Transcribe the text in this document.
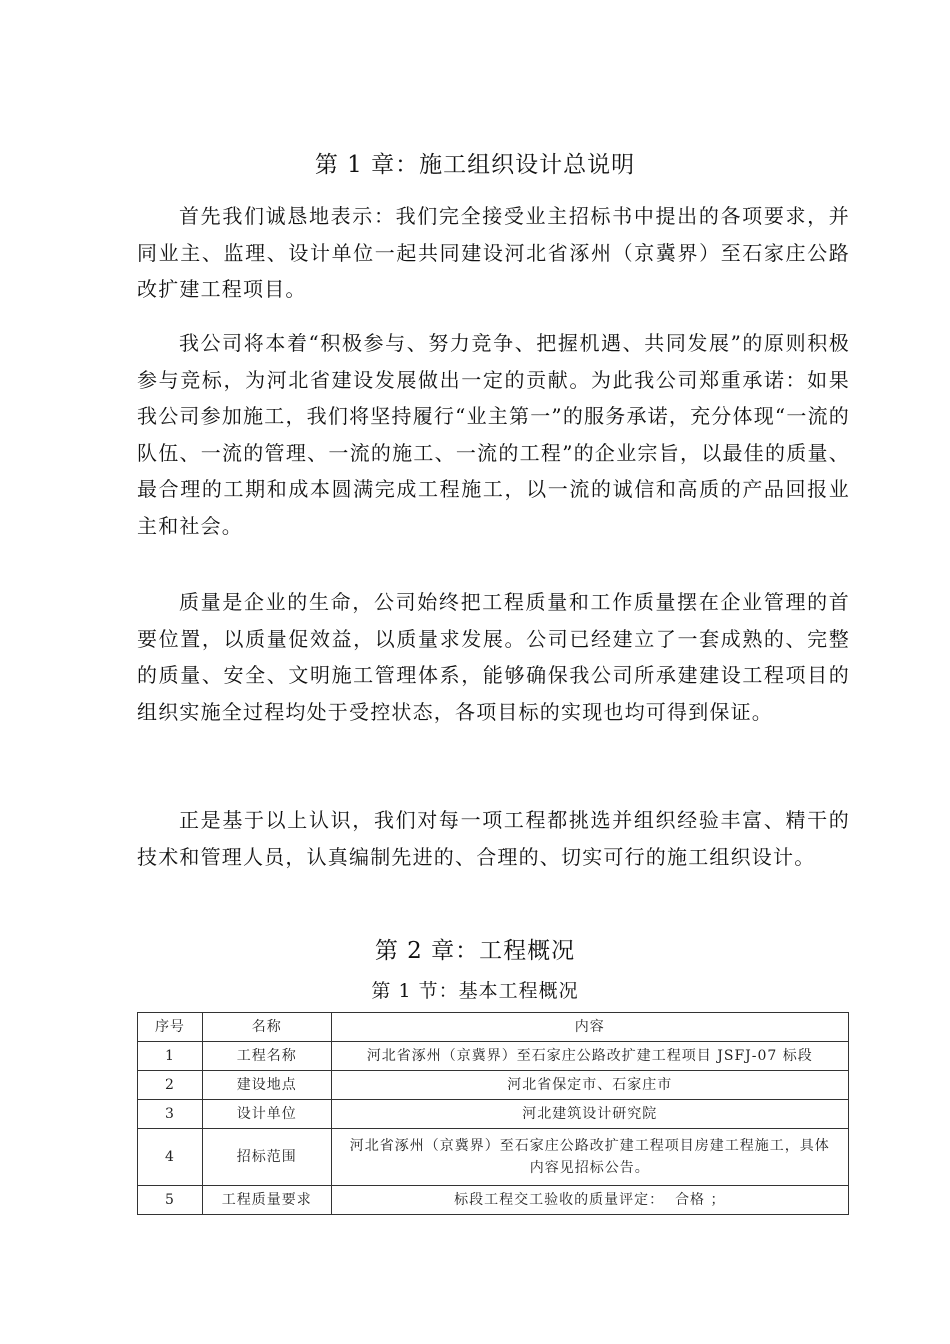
第 1 章：施工组织设计总说明

首先我们诚恳地表示：我们完全接受业主招标书中提出的各项要求，并同业主、监理、设计单位一起共同建设河北省涿州（京冀界）至石家庄公路改扩建工程项目。

我公司将本着“积极参与、努力竞争、把握机遇、共同发展”的原则积极参与竞标，为河北省建设发展做出一定的贡献。为此我公司郑重承诺：如果我公司参加施工，我们将坚持履行“业主第一”的服务承诺，充分体现“一流的队伍、一流的管理、一流的施工、一流的工程”的企业宗旨，以最佳的质量、最合理的工期和成本圆满完成工程施工，以一流的诚信和高质的产品回报业主和社会。

质量是企业的生命，公司始终把工程质量和工作质量摆在企业管理的首要位置，以质量促效益，以质量求发展。公司已经建立了一套成熟的、完整的质量、安全、文明施工管理体系，能够确保我公司所承建建设工程项目的组织实施全过程均处于受控状态，各项目标的实现也均可得到保证。

正是基于以上认识，我们对每一项工程都挑选并组织经验丰富、精干的技术和管理人员，认真编制先进的、合理的、切实可行的施工组织设计。

第 2 章：工程概况
第 1 节：基本工程概况
序号	名称	内容
1	工程名称	河北省涿州（京冀界）至石家庄公路改扩建工程项目 JSFJ-07 标段
2	建设地点	河北省保定市、石家庄市
3	设计单位	河北建筑设计研究院
4	招标范围	河北省涿州（京冀界）至石家庄公路改扩建工程项目房建工程施工，具体内容见招标公告。
5	工程质量要求	标段工程交工验收的质量评定：  合格 ；
